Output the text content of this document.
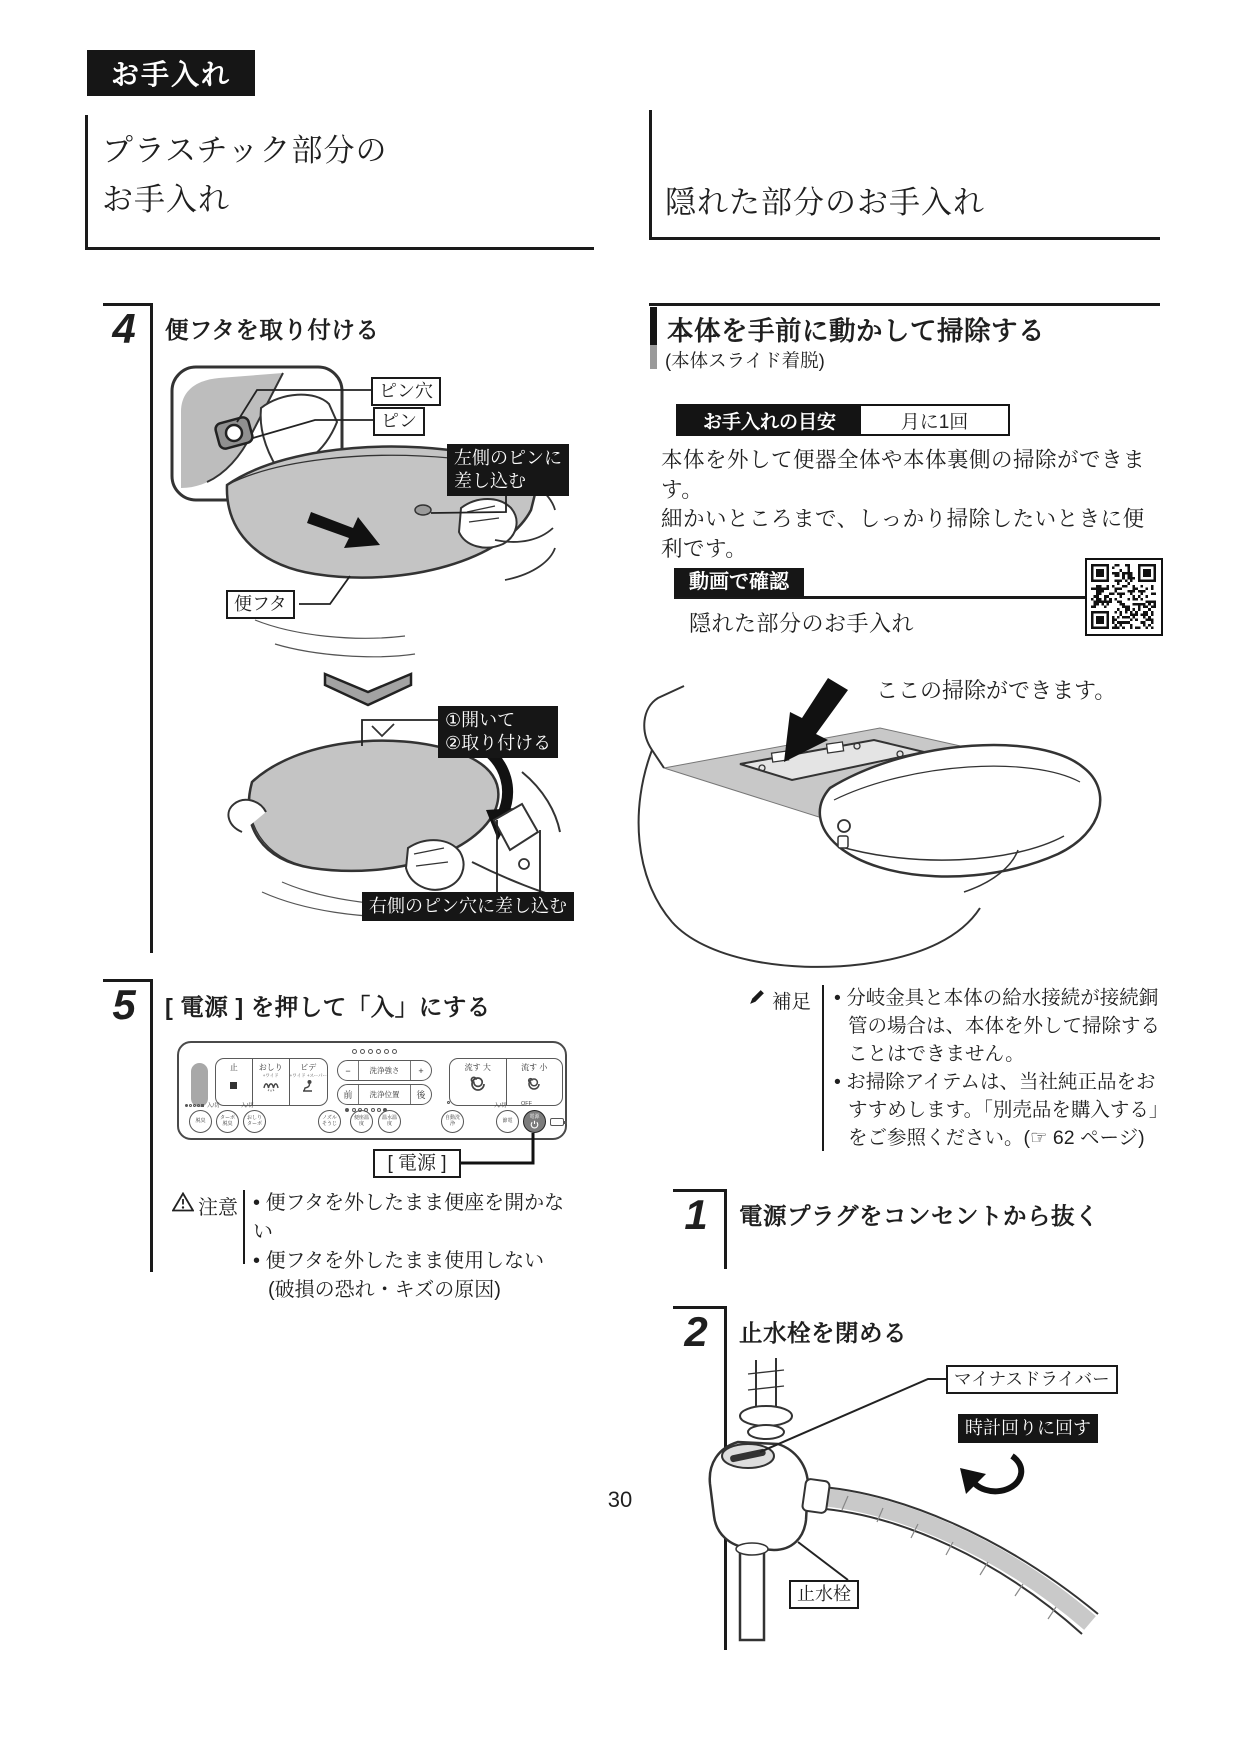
お手入れ
プラスチック部分の
お手入れ	隠れた部分のお手入れ
4	便フタを取り付ける
ピン穴
ピン
左側のピンに
差し込む
便フタ
①開いて
②取り付ける
右側のピン穴に差し込む
5	[ 電源 ] を押して「入」にする
止	おしり
+ワイド
ビデ
+ワイド +スーパー	−	洗浄強さ	+
前	洗浄位置	後
流す 大	流す 小
入/切	入/切	入/切	OFF
脱臭	ターボ脱臭
おしりターボ
ノズルそうじ
便座温度
温水温度
自動洗浄	節電
電源
[ 電源 ]
注意	• 便フタを外したまま便座を開かない
• 便フタを外したまま使用しない
(破損の恐れ・キズの原因)
本体を手前に動かして掃除する
(本体スライド着脱)
お手入れの目安	月に1回
本体を外して便器全体や本体裏側の掃除ができます。
細かいところまで、しっかり掃除したいときに便利です。
動画で確認
隠れた部分のお手入れ
ここの掃除ができます。
補足	• 分岐金具と本体の給水接続が接続銅管の場合は、本体を外して掃除することはできません。
• お掃除アイテムは、当社純正品をおすすめします。「別売品を購入する」をご参照ください。(☞ 62 ページ)
1	電源プラグをコンセントから抜く
2	止水栓を閉める
マイナスドライバー
時計回りに回す
止水栓
30
